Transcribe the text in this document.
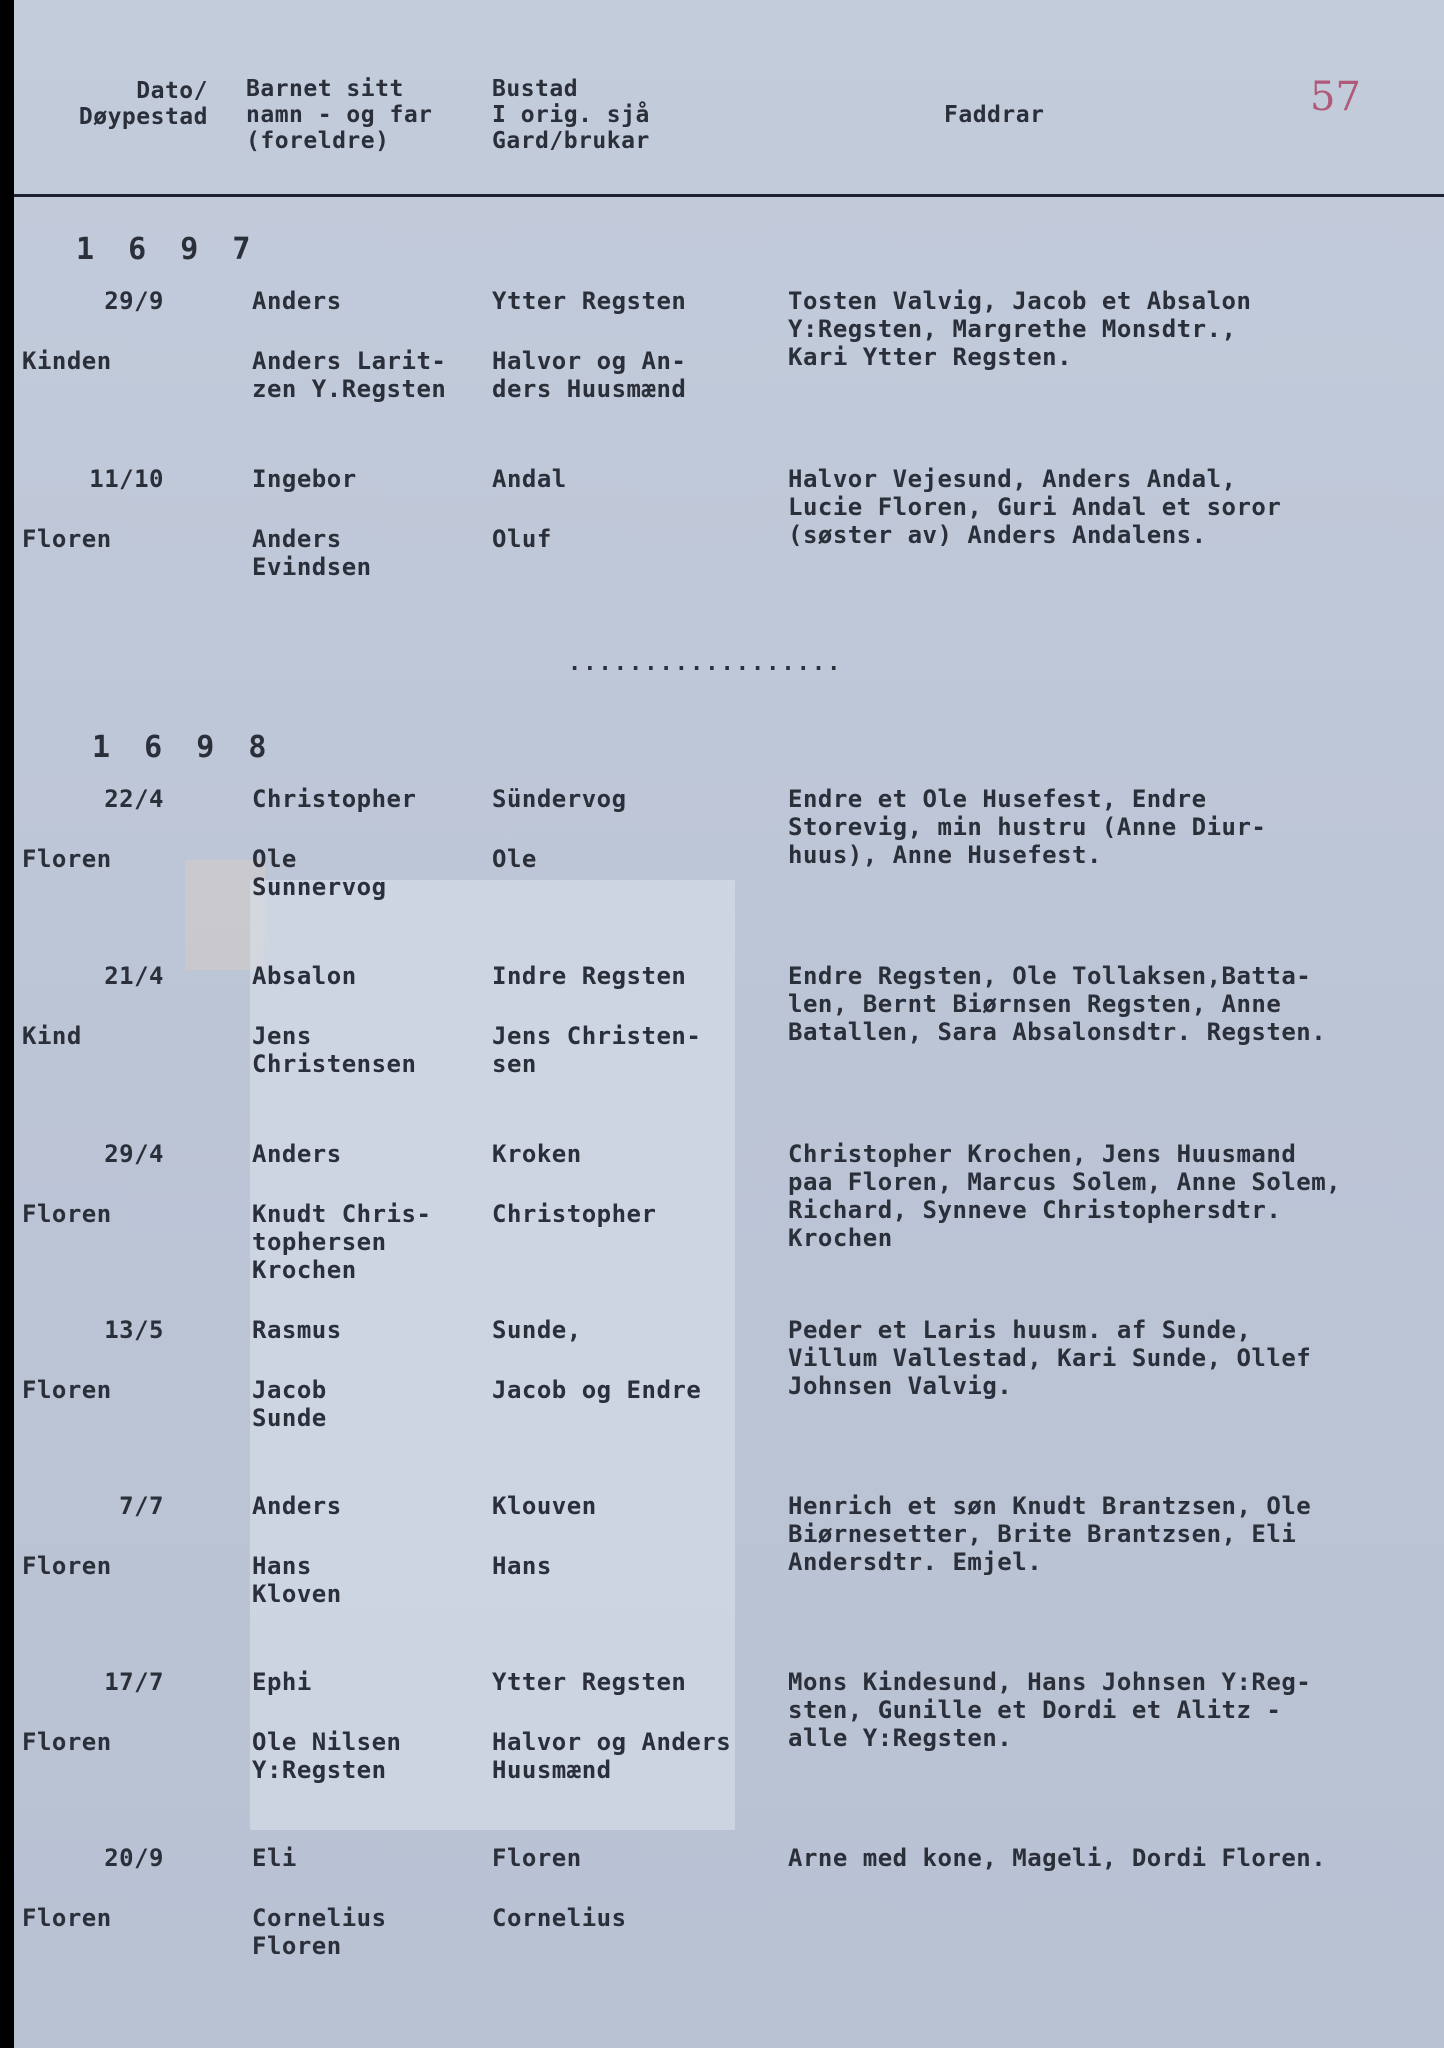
57
Dato/
Døypestad
Barnet sitt
namn - og far
(foreldre)
Bustad
I orig. sjå
Gard/brukar
Faddrar
1 6 9 7
..................
1 6 9 8
29/9
Kinden
Anders
Anders Larit-
zen Y.Regsten
Ytter Regsten
Halvor og An-
ders Huusmænd
Tosten Valvig, Jacob et Absalon
Y:Regsten, Margrethe Monsdtr.,
Kari Ytter Regsten.
11/10
Floren
Ingebor
Anders
Evindsen
Andal
Oluf
Halvor Vejesund, Anders Andal,
Lucie Floren, Guri Andal et soror
(søster av) Anders Andalens.
22/4
Floren
Christopher
Ole
Sunnervog
Sündervog
Ole
Endre et Ole Husefest, Endre
Storevig, min hustru (Anne Diur-
huus), Anne Husefest.
21/4
Kind
Absalon
Jens
Christensen
Indre Regsten
Jens Christen-
sen
Endre Regsten, Ole Tollaksen,Batta-
len, Bernt Biørnsen Regsten, Anne
Batallen, Sara Absalonsdtr. Regsten.
29/4
Floren
Anders
Knudt Chris-
tophersen
Krochen
Kroken
Christopher
Christopher Krochen, Jens Huusmand
paa Floren, Marcus Solem, Anne Solem,
Richard, Synneve Christophersdtr.
Krochen
13/5
Floren
Rasmus
Jacob
Sunde
Sunde,
Jacob og Endre
Peder et Laris huusm. af Sunde,
Villum Vallestad, Kari Sunde, Ollef
Johnsen Valvig.
7/7
Floren
Anders
Hans
Kloven
Klouven
Hans
Henrich et søn Knudt Brantzsen, Ole
Biørnesetter, Brite Brantzsen, Eli
Andersdtr. Emjel.
17/7
Floren
Ephi
Ole Nilsen
Y:Regsten
Ytter Regsten
Halvor og Anders
Huusmænd
Mons Kindesund, Hans Johnsen Y:Reg-
sten, Gunille et Dordi et Alitz -
alle Y:Regsten.
20/9
Floren
Eli
Cornelius
Floren
Floren
Cornelius
Arne med kone, Mageli, Dordi Floren.
